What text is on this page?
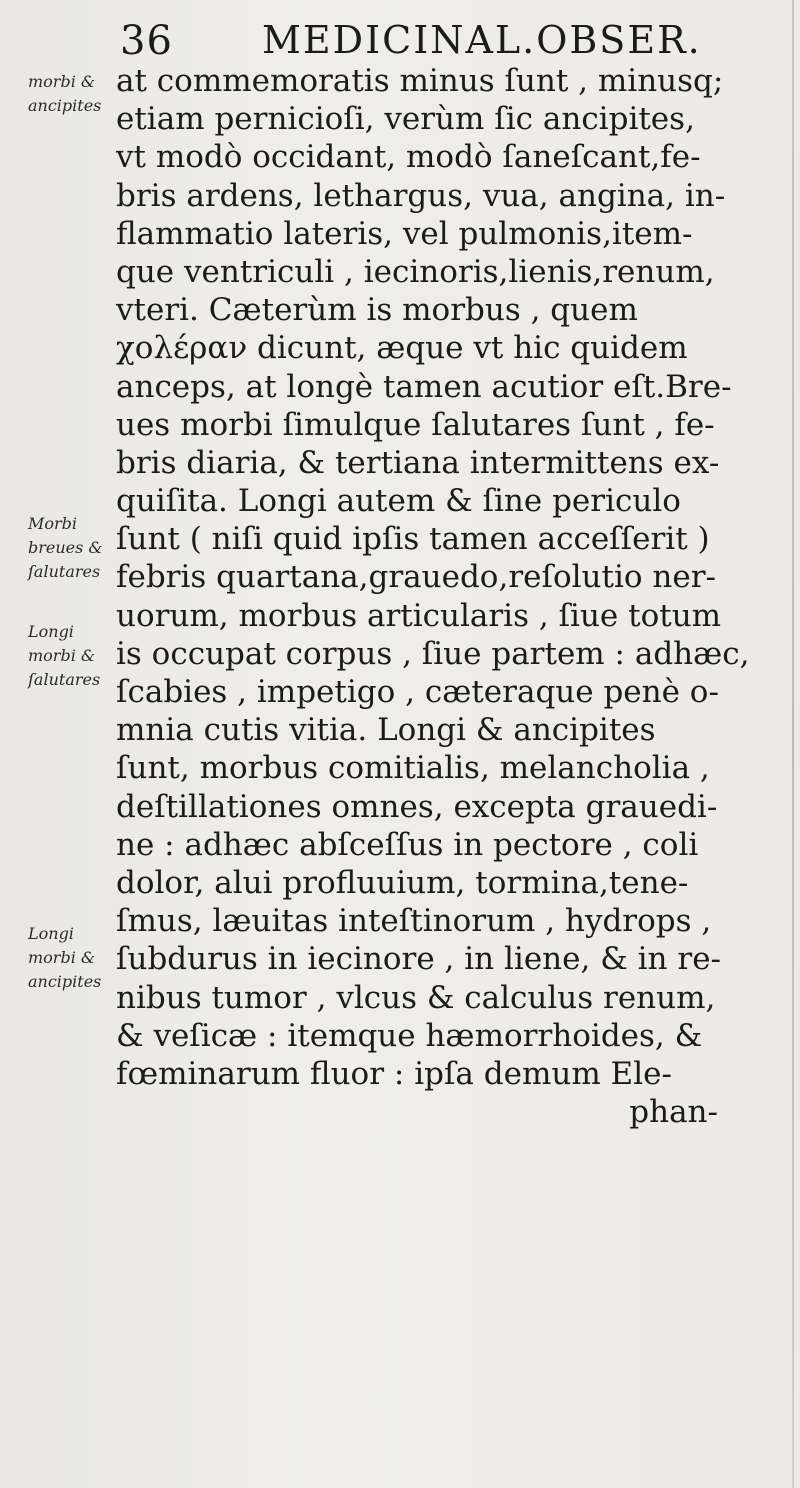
36 MEDICINAL.OBSER.
morbi &
ancipites
Morbi
breues &
ſalutares
Longi
morbi &
ſalutares
Longi
morbi &
ancipites
at commemoratis minus ſunt , minusq;
etiam pernicioſi, verùm ſic ancipites,
vt modò occidant, modò ſaneſcant,fe-
bris ardens, lethargus, vua, angina, in-
flammatio lateris, vel pulmonis,item-
que ventriculi , iecinoris,lienis,renum,
vteri. Cæterùm is morbus , quem
χολέραν dicunt, æque vt hic quidem
anceps, at longè tamen acutior eſt.Bre-
ues morbi ſimulque ſalutares ſunt , fe-
bris diaria, & tertiana intermittens ex-
quiſita. Longi autem & ſine periculo
ſunt ( niſi quid ipſis tamen acceſſerit )
febris quartana,grauedo,reſolutio ner-
uorum, morbus articularis , ſiue totum
is occupat corpus , ſiue partem : adhæc,
ſcabies , impetigo , cæteraque penè o-
mnia cutis vitia. Longi & ancipites
ſunt, morbus comitialis, melancholia ,
deſtillationes omnes, excepta grauedi-
ne : adhæc abſceſſus in pectore , coli
dolor, alui profluuium, tormina,tene-
ſmus, læuitas inteſtinorum , hydrops ,
ſubdurus in iecinore , in liene, & in re-
nibus tumor , vlcus & calculus renum,
& veſicæ : itemque hæmorrhoides, &
fœminarum fluor : ipſa demum Ele-
phan-
